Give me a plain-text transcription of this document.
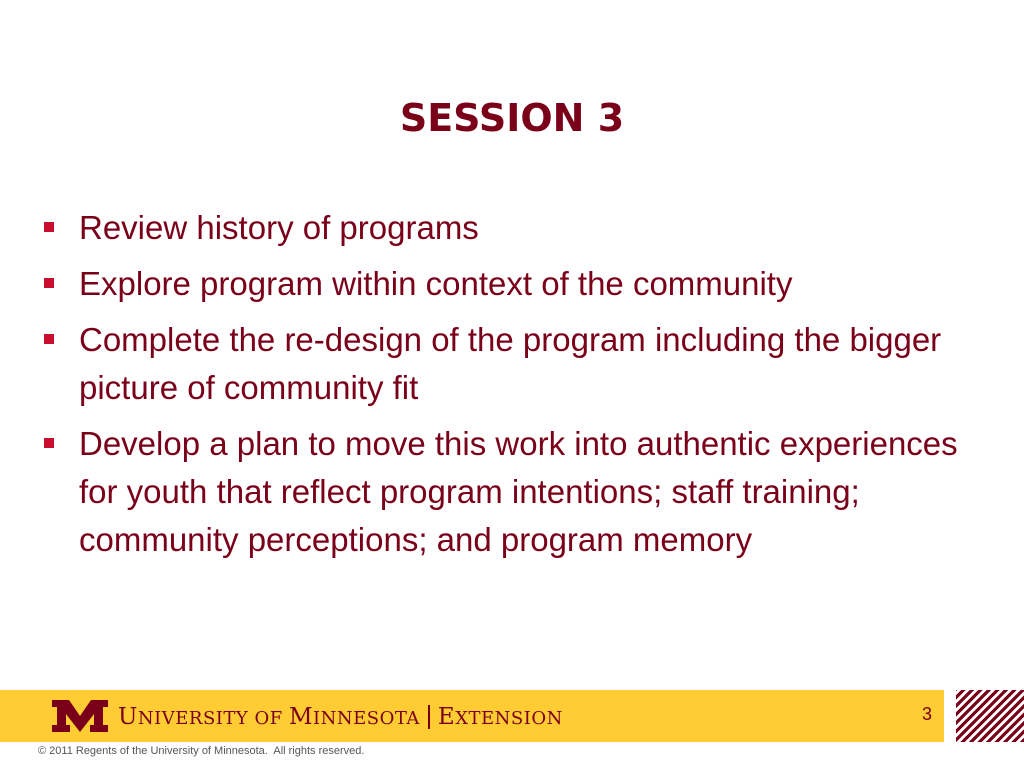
SESSION 3
Review history of programs
Explore program within context of the community
Complete the re-design of the program including the bigger picture of community fit
Develop a plan to move this work into authentic experiences for youth that reflect program intentions; staff training; community perceptions; and program memory
UNIVERSITY OF MINNESOTA EXTENSION	3
© 2011 Regents of the University of Minnesota.  All rights reserved.
